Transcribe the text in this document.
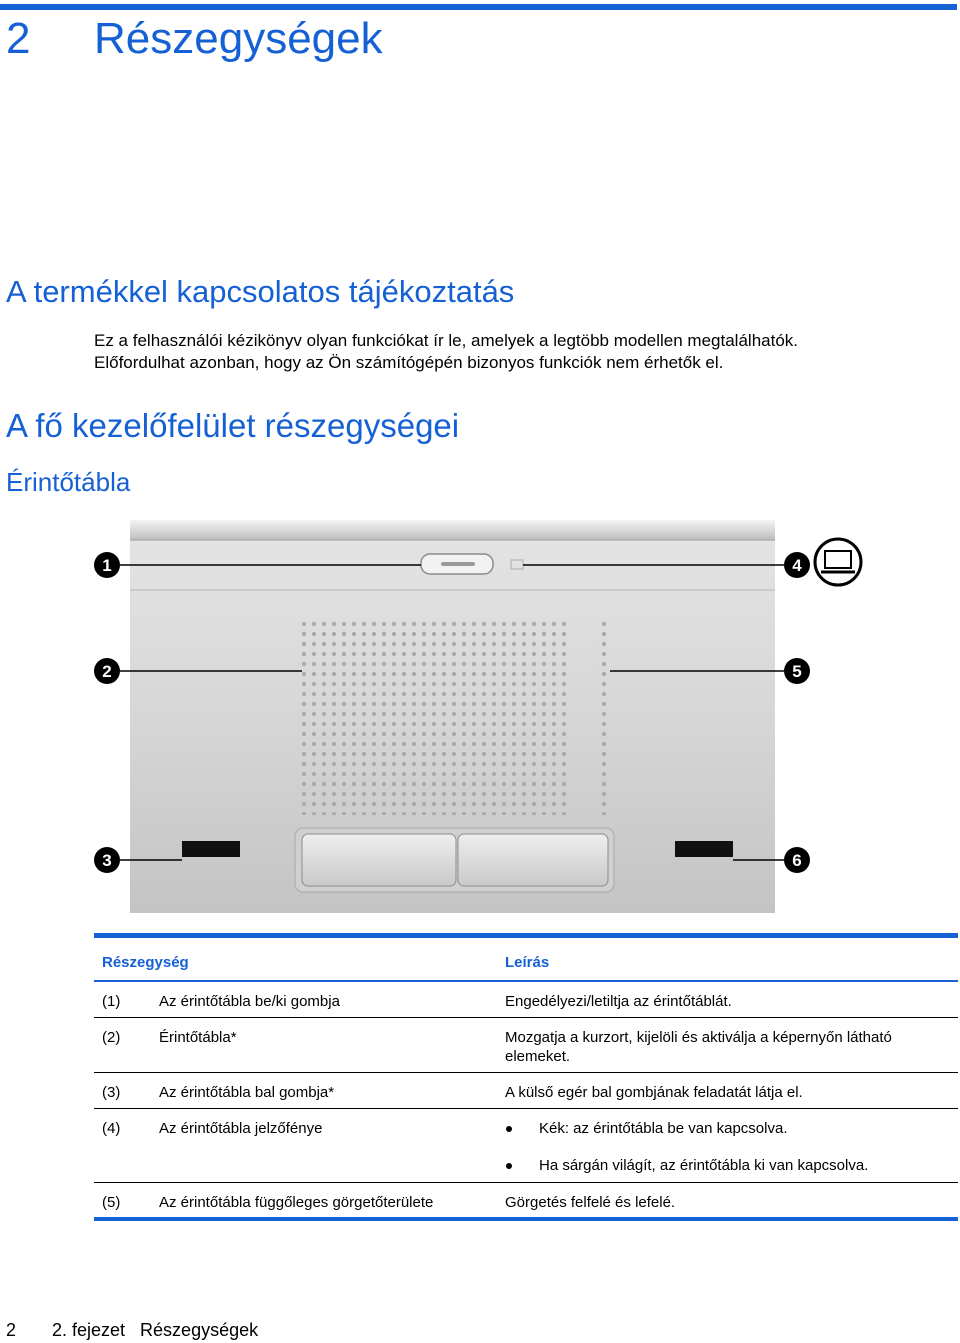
2 Részegységek
A termékkel kapcsolatos tájékoztatás

Ez a felhasználói kézikönyv olyan funkciókat ír le, amelyek a legtöbb modellen megtalálhatók.

Előfordulhat azonban, hogy az Ön számítógépén bizonyos funkciók nem érhetők el.

A fő kezelőfelület részegységei
Érintőtábla
1
2
3
4
5
6
Részegység	Leírás
(1)	Az érintőtábla be/ki gombja	Engedélyezi/letiltja az érintőtáblát.
(2)	Érintőtábla*	Mozgatja a kurzort, kijelöli és aktiválja a képernyőn látható elemeket.
(3)	Az érintőtábla bal gombja*	A külső egér bal gombjának feladatát látja el.
(4)	Az érintőtábla jelzőfénye	Kék: az érintőtábla be van kapcsolva.
Ha sárgán világít, az érintőtábla ki van kapcsolva.
(5)	Az érintőtábla függőleges görgetőterülete	Görgetés felfelé és lefelé.
2 2. fejezet   Részegységek
